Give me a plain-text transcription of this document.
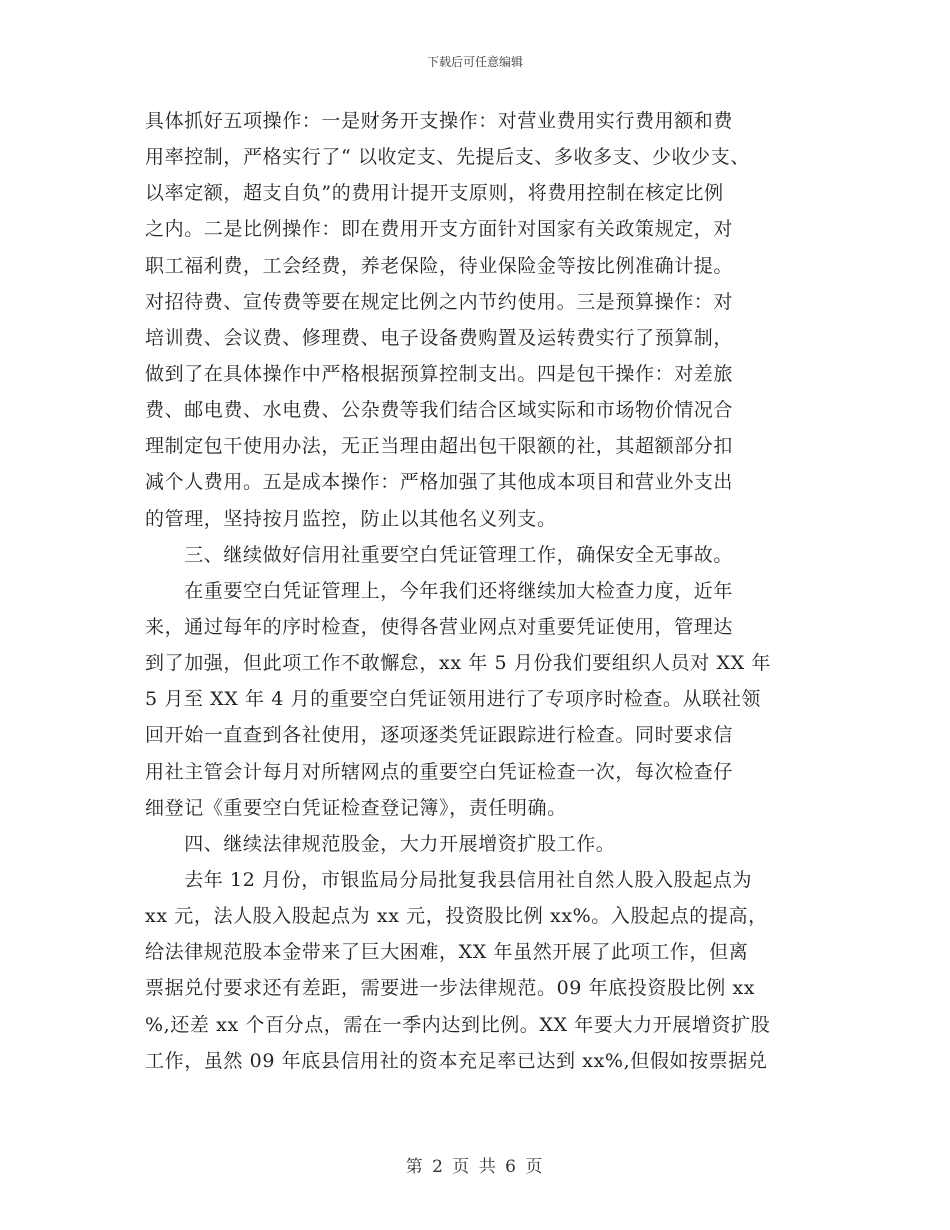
下载后可任意编辑
具体抓好五项操作：一是财务开支操作：对营业费用实行费用额和费
用率控制，严格实行了“ 以收定支、先提后支、多收多支、少收少支、
以率定额，超支自负”的费用计提开支原则，将费用控制在核定比例
之内。二是比例操作：即在费用开支方面针对国家有关政策规定，对
职工福利费，工会经费，养老保险，待业保险金等按比例准确计提。
对招待费、宣传费等要在规定比例之内节约使用。三是预算操作：对
培训费、会议费、修理费、电子设备费购置及运转费实行了预算制，
做到了在具体操作中严格根据预算控制支出。四是包干操作：对差旅
费、邮电费、水电费、公杂费等我们结合区域实际和市场物价情况合
理制定包干使用办法，无正当理由超出包干限额的社，其超额部分扣
减个人费用。五是成本操作：严格加强了其他成本项目和营业外支出
的管理，坚持按月监控，防止以其他名义列支。
　　三、继续做好信用社重要空白凭证管理工作，确保安全无事故。
　　在重要空白凭证管理上，今年我们还将继续加大检查力度，近年
来，通过每年的序时检查，使得各营业网点对重要凭证使用，管理达
到了加强，但此项工作不敢懈怠，xx 年 5 月份我们要组织人员对 XX 年
5 月至 XX 年 4 月的重要空白凭证领用进行了专项序时检查。从联社领
回开始一直查到各社使用，逐项逐类凭证跟踪进行检查。同时要求信
用社主管会计每月对所辖网点的重要空白凭证检查一次，每次检查仔
细登记《重要空白凭证检查登记簿》，责任明确。
　　四、继续法律规范股金，大力开展增资扩股工作。
　　去年 12 月份，市银监局分局批复我县信用社自然人股入股起点为
xx 元，法人股入股起点为 xx 元，投资股比例 xx%。入股起点的提高，
给法律规范股本金带来了巨大困难，XX 年虽然开展了此项工作，但离
票据兑付要求还有差距，需要进一步法律规范。09 年底投资股比例 xx
%,还差 xx 个百分点，需在一季内达到比例。XX 年要大力开展增资扩股
工作，虽然 09 年底县信用社的资本充足率已达到 xx%,但假如按票据兑
第 2 页 共 6 页
